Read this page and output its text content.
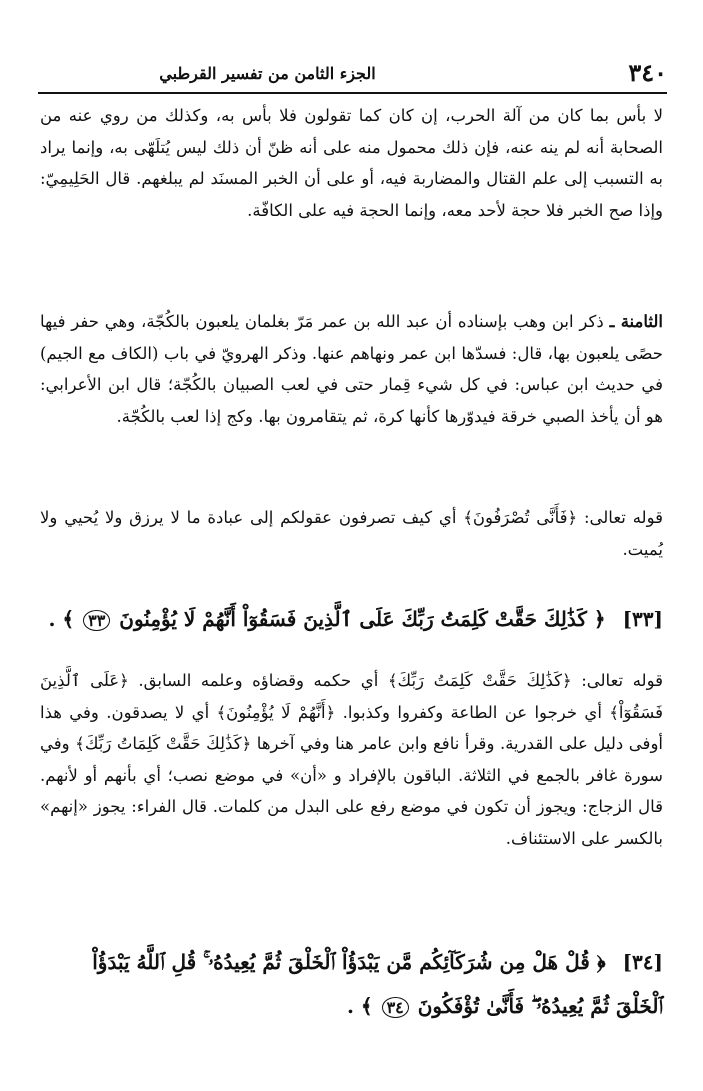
٣٤٠
الجزء الثامن من تفسير القرطبي

لا بأس بما كان من آلة الحرب، إن كان كما تقولون فلا بأس به، وكذلك من روي عنه من الصحابة أنه لم ينه عنه، فإن ذلك محمول منه على أنه ظنّ أن ذلك ليس يُتلَهّى به، وإنما يراد به التسبب إلى علم القتال والمضاربة فيه، أو على أن الخبر المسنَد لم يبلغهم. قال الحَلِيمِيّ: وإذا صح الخبر فلا حجة لأحد معه، وإنما الحجة فيه على الكافّة.

الثامنة ـ ذكر ابن وهب بإسناده أن عبد الله بن عمر مَرّ بغلمان يلعبون بالكُجّة، وهي حفر فيها حصًى يلعبون بها، قال: فسدّها ابن عمر ونهاهم عنها. وذكر الهرويّ في باب (الكاف مع الجيم) في حديث ابن عباس: في كل شيء قِمار حتى في لعب الصبيان بالكُجّة؛ قال ابن الأعرابي: هو أن يأخذ الصبي خرقة فيدوّرها كأنها كرة، ثم يتقامرون بها. وكج إذا لعب بالكُجّة.

قوله تعالى: ﴿فَأَنَّى تُصْرَفُونَ﴾ أي كيف تصرفون عقولكم إلى عبادة ما لا يرزق ولا يُحيي ولا يُميت.

[٣٣] ﴿ كَذَٰلِكَ حَقَّتْ كَلِمَتُ رَبِّكَ عَلَى ٱلَّذِينَ فَسَقُوٓاْ أَنَّهُمْ لَا يُؤْمِنُونَ ٣٣ ﴾ .

قوله تعالى: ﴿كَذَٰلِكَ حَقَّتْ كَلِمَتُ رَبِّكَ﴾ أي حكمه وقضاؤه وعلمه السابق. ﴿عَلَى ٱلَّذِينَ فَسَقُوٓاْ﴾ أي خرجوا عن الطاعة وكفروا وكذبوا. ﴿أَنَّهُمْ لَا يُؤْمِنُونَ﴾ أي لا يصدقون. وفي هذا أوفى دليل على القدرية. وقرأ نافع وابن عامر هنا وفي آخرها ﴿كَذَٰلِكَ حَقَّتْ كَلِمَاتُ رَبِّكَ﴾ وفي سورة غافر بالجمع في الثلاثة. الباقون بالإفراد و «أن» في موضع نصب؛ أي بأنهم أو لأنهم. قال الزجاج: ويجوز أن تكون في موضع رفع على البدل من كلمات. قال الفراء: يجوز «إنهم» بالكسر على الاستئناف.

[٣٤] ﴿ قُلْ هَلْ مِن شُرَكَآئِكُم مَّن يَبْدَؤُاْ ٱلْخَلْقَ ثُمَّ يُعِيدُهُۥ ۚ قُلِ ٱللَّهُ يَبْدَؤُاْ ٱلْخَلْقَ ثُمَّ يُعِيدُهُۥ ۖ فَأَنَّىٰ تُؤْفَكُونَ ٣٤ ﴾ .
